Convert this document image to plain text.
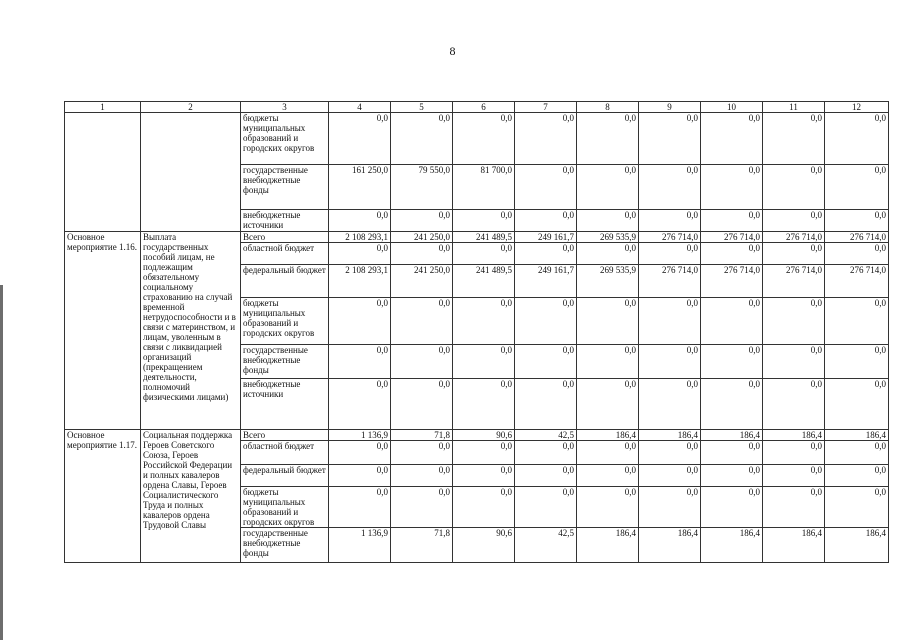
8
1	2	3	4	5	6	7	8	9	10	11	12
		бюджеты муниципальных образований и городских округов	0,0	0,0	0,0	0,0	0,0	0,0	0,0	0,0	0,0
		государственные внебюджетные фонды	161 250,0	79 550,0	81 700,0	0,0	0,0	0,0	0,0	0,0	0,0
		внебюджетные источники	0,0	0,0	0,0	0,0	0,0	0,0	0,0	0,0	0,0
Основное мероприятие 1.16.	Выплата государственных пособий лицам, не подлежащим обязательному социальному страхованию на случай временной нетрудоспособности и в связи с материнством, и лицам, уволенным в связи с ликвидацией организаций (прекращением деятельности, полномочий физическими лицами)	Всего	2 108 293,1	241 250,0	241 489,5	249 161,7	269 535,9	276 714,0	276 714,0	276 714,0	276 714,0
		областной бюджет	0,0	0,0	0,0	0,0	0,0	0,0	0,0	0,0	0,0
		федеральный бюджет	2 108 293,1	241 250,0	241 489,5	249 161,7	269 535,9	276 714,0	276 714,0	276 714,0	276 714,0
		бюджеты муниципальных образований и городских округов	0,0	0,0	0,0	0,0	0,0	0,0	0,0	0,0	0,0
		государственные внебюджетные фонды	0,0	0,0	0,0	0,0	0,0	0,0	0,0	0,0	0,0
		внебюджетные источники	0,0	0,0	0,0	0,0	0,0	0,0	0,0	0,0	0,0
Основное мероприятие 1.17.	Социальная поддержка Героев Советского Союза, Героев Российской Федерации и полных кавалеров ордена Славы, Героев Социалистического Труда и полных кавалеров ордена Трудовой Славы	Всего	1 136,9	71,8	90,6	42,5	186,4	186,4	186,4	186,4	186,4
		областной бюджет	0,0	0,0	0,0	0,0	0,0	0,0	0,0	0,0	0,0
		федеральный бюджет	0,0	0,0	0,0	0,0	0,0	0,0	0,0	0,0	0,0
		бюджеты муниципальных образований и городских округов	0,0	0,0	0,0	0,0	0,0	0,0	0,0	0,0	0,0
		государственные внебюджетные фонды	1 136,9	71,8	90,6	42,5	186,4	186,4	186,4	186,4	186,4
